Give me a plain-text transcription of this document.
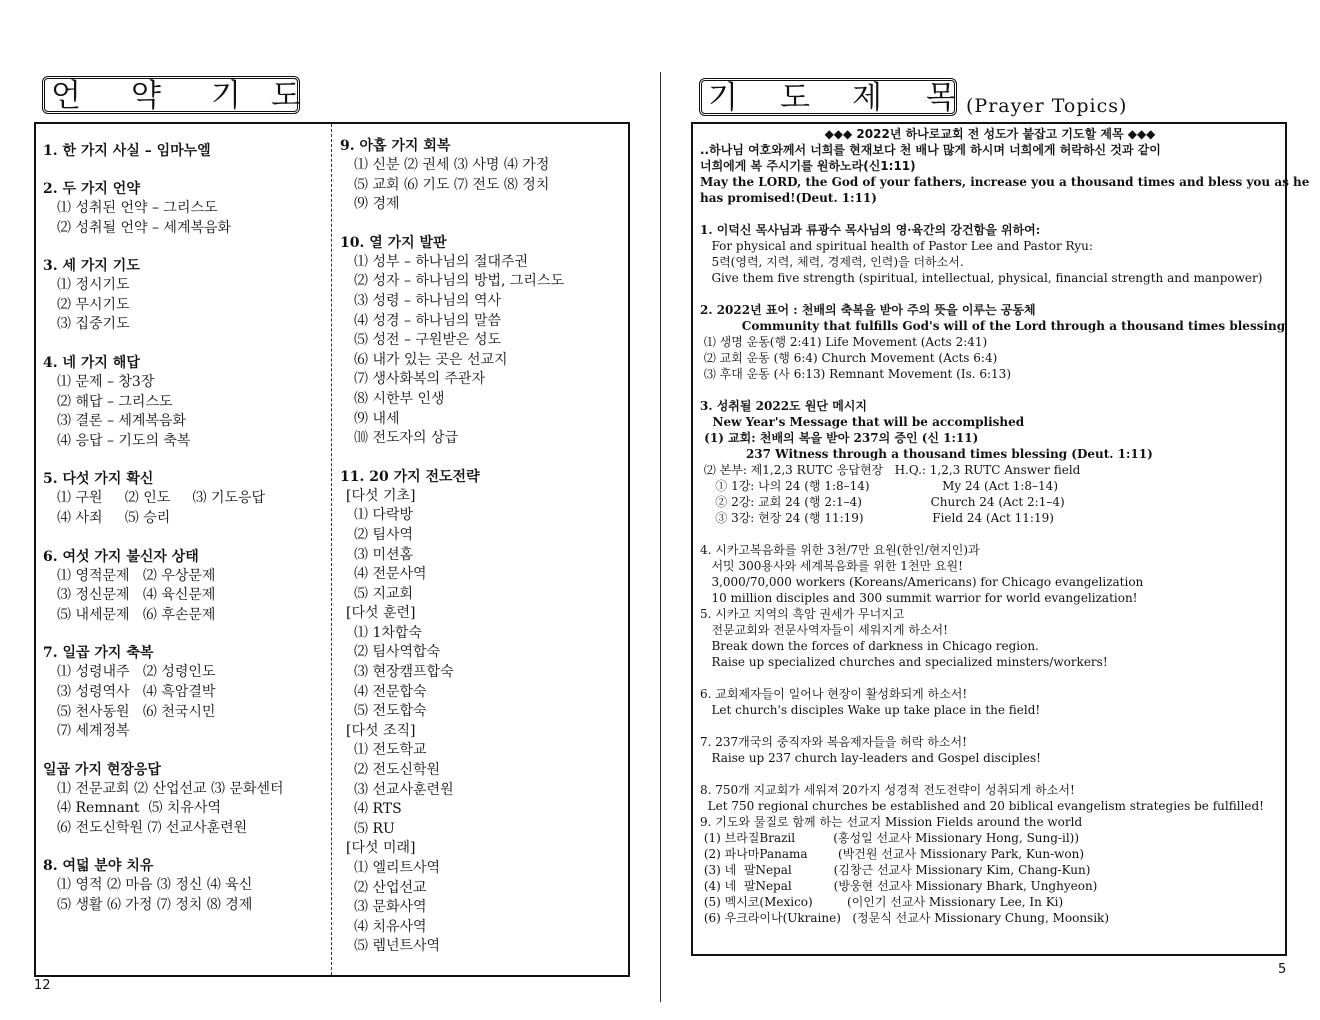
언 약 기 도

1. 한 가지 사실 – 임마누엘

2. 두 가지 언약

⑴ 성취된 언약 – 그리스도

⑵ 성취될 언약 – 세계복음화

3. 세 가지 기도

⑴ 정시기도

⑵ 무시기도

⑶ 집중기도

4. 네 가지 해답

⑴ 문제 – 창3장

⑵ 해답 – 그리스도

⑶ 결론 – 세계복음화

⑷ 응답 – 기도의 축복

5. 다섯 가지 확신

⑴ 구원     ⑵ 인도     ⑶ 기도응답

⑷ 사죄     ⑸ 승리

6. 여섯 가지 불신자 상태

⑴ 영적문제   ⑵ 우상문제

⑶ 정신문제   ⑷ 육신문제

⑸ 내세문제   ⑹ 후손문제

7. 일곱 가지 축복

⑴ 성령내주   ⑵ 성령인도

⑶ 성령역사   ⑷ 흑암결박

⑸ 천사동원   ⑹ 천국시민

⑺ 세계정복

일곱 가지 현장응답

⑴ 전문교회 ⑵ 산업선교 ⑶ 문화센터

⑷ Remnant  ⑸ 치유사역

⑹ 전도신학원 ⑺ 선교사훈련원

8. 여덟 분야 치유

⑴ 영적 ⑵ 마음 ⑶ 정신 ⑷ 육신

⑸ 생활 ⑹ 가정 ⑺ 정치 ⑻ 경제

9. 아홉 가지 회복

⑴ 신분 ⑵ 권세 ⑶ 사명 ⑷ 가정

⑸ 교회 ⑹ 기도 ⑺ 전도 ⑻ 정치

⑼ 경제

10. 열 가지 발판

⑴ 성부 – 하나님의 절대주권

⑵ 성자 – 하나님의 방법, 그리스도

⑶ 성령 – 하나님의 역사

⑷ 성경 – 하나님의 말씀

⑸ 성전 – 구원받은 성도

⑹ 내가 있는 곳은 선교지

⑺ 생사화복의 주관자

⑻ 시한부 인생

⑼ 내세

⑽ 전도자의 상급

11. 20 가지 전도전략

[다섯 기초]

⑴ 다락방

⑵ 팀사역

⑶ 미션홈

⑷ 전문사역

⑸ 지교회

[다섯 훈련]

⑴ 1차합숙

⑵ 팀사역합숙

⑶ 현장캠프합숙

⑷ 전문합숙

⑸ 전도합숙

[다섯 조직]

⑴ 전도학교

⑵ 전도신학원

⑶ 선교사훈련원

⑷ RTS

⑸ RU

[다섯 미래]

⑴ 엘리트사역

⑵ 산업선교

⑶ 문화사역

⑷ 치유사역

⑸ 렘넌트사역

12
기 도 제 목 (Prayer Topics)

◆◆◆ 2022년 하나로교회 전 성도가 붙잡고 기도할 제목 ◆◆◆

..하나님 여호와께서 너희를 현재보다 천 배나 많게 하시며 너희에게 허락하신 것과 같이

너희에게 복 주시기를 원하노라(신1:11)

May the LORD, the God of your fathers, increase you a thousand times and bless you as he

has promised!(Deut. 1:11)

1. 이덕신 목사님과 류광수 목사님의 영·육간의 강건함을 위하여:

For physical and spiritual health of Pastor Lee and Pastor Ryu:

5력(영력, 지력, 체력, 경제력, 인력)을 더하소서.

Give them five strength (spiritual, intellectual, physical, financial strength and manpower)

2. 2022년 표어 : 천배의 축복을 받아 주의 뜻을 이루는 공동체

Community that fulfills God's will of the Lord through a thousand times blessing

⑴ 생명 운동(행 2:41) Life Movement (Acts 2:41)

⑵ 교회 운동 (행 6:4) Church Movement (Acts 6:4)

⑶ 후대 운동 (사 6:13) Remnant Movement (Is. 6:13)

3. 성취될 2022도 원단 메시지

New Year's Message that will be accomplished

(1) 교회: 천배의 복을 받아 237의 증인 (신 1:11)

237 Witness through a thousand times blessing (Deut. 1:11)

⑵ 본부: 제1,2,3 RUTC 응답현장   H.Q.: 1,2,3 RUTC Answer field

① 1강: 나의 24 (행 1:8–14)                   My 24 (Act 1:8–14)

② 2강: 교회 24 (행 2:1–4)                  Church 24 (Act 2:1–4)

③ 3강: 현장 24 (행 11:19)                  Field 24 (Act 11:19)

4. 시카고복음화를 위한 3천/7만 요원(한인/현지인)과

서밋 300용사와 세계복음화를 위한 1천만 요원!

3,000/70,000 workers (Koreans/Americans) for Chicago evangelization

10 million disciples and 300 summit warrior for world evangelization!

5. 시카고 지역의 흑암 권세가 무너지고

전문교회와 전문사역자들이 세워지게 하소서!

Break down the forces of darkness in Chicago region.

Raise up specialized churches and specialized minsters/workers!

6. 교회제자들이 일어나 현장이 활성화되게 하소서!

Let church's disciples Wake up take place in the field!

7. 237개국의 중직자와 복음제자들을 허락 하소서!

Raise up 237 church lay-leaders and Gospel disciples!

8. 750개 지교회가 세워져 20가지 성경적 전도전략이 성취되게 하소서!

Let 750 regional churches be established and 20 biblical evangelism strategies be fulfilled!

9. 기도와 물질로 함께 하는 선교지 Mission Fields around the world

(1) 브라질Brazil          (홍성일 선교사 Missionary Hong, Sung-il))

(2) 파나마Panama        (박건원 선교사 Missionary Park, Kun-won)

(3) 네  팔Nepal           (김창근 선교사 Missionary Kim, Chang-Kun)

(4) 네  팔Nepal           (방웅현 선교사 Missionary Bhark, Unghyeon)

(5) 멕시코(Mexico)         (이인기 선교사 Missionary Lee, In Ki)

(6) 우크라이나(Ukraine)   (정문식 선교사 Missionary Chung, Moonsik)

5
